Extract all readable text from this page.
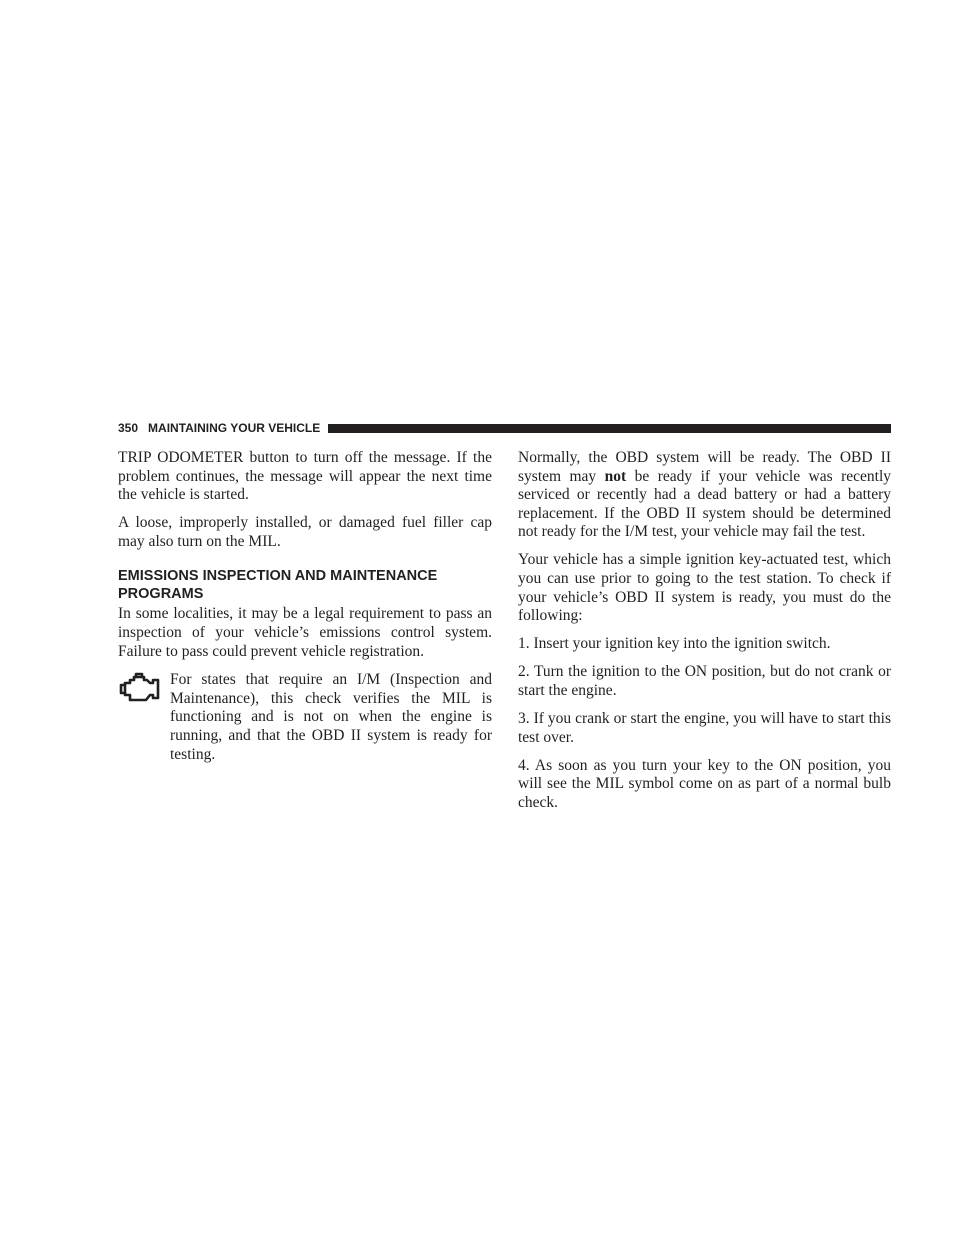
350 MAINTAINING YOUR VEHICLE

TRIP ODOMETER button to turn off the message. If the problem continues, the message will appear the next time the vehicle is started.

A loose, improperly installed, or damaged fuel filler cap may also turn on the MIL.

EMISSIONS INSPECTION AND MAINTENANCE PROGRAMS

In some localities, it may be a legal requirement to pass an inspection of your vehicle’s emissions control system. Failure to pass could prevent vehicle registration.

For states that require an I/M (Inspection and Maintenance), this check verifies the MIL is functioning and is not on when the engine is running, and that the OBD II system is ready for testing.

Normally, the OBD system will be ready. The OBD II system may not be ready if your vehicle was recently serviced or recently had a dead battery or had a battery replacement. If the OBD II system should be determined not ready for the I/M test, your vehicle may fail the test.

Your vehicle has a simple ignition key-actuated test, which you can use prior to going to the test station. To check if your vehicle’s OBD II system is ready, you must do the following:

1. Insert your ignition key into the ignition switch.
2. Turn the ignition to the ON position, but do not crank or start the engine.
3. If you crank or start the engine, you will have to start this test over.
4. As soon as you turn your key to the ON position, you will see the MIL symbol come on as part of a normal bulb check.
